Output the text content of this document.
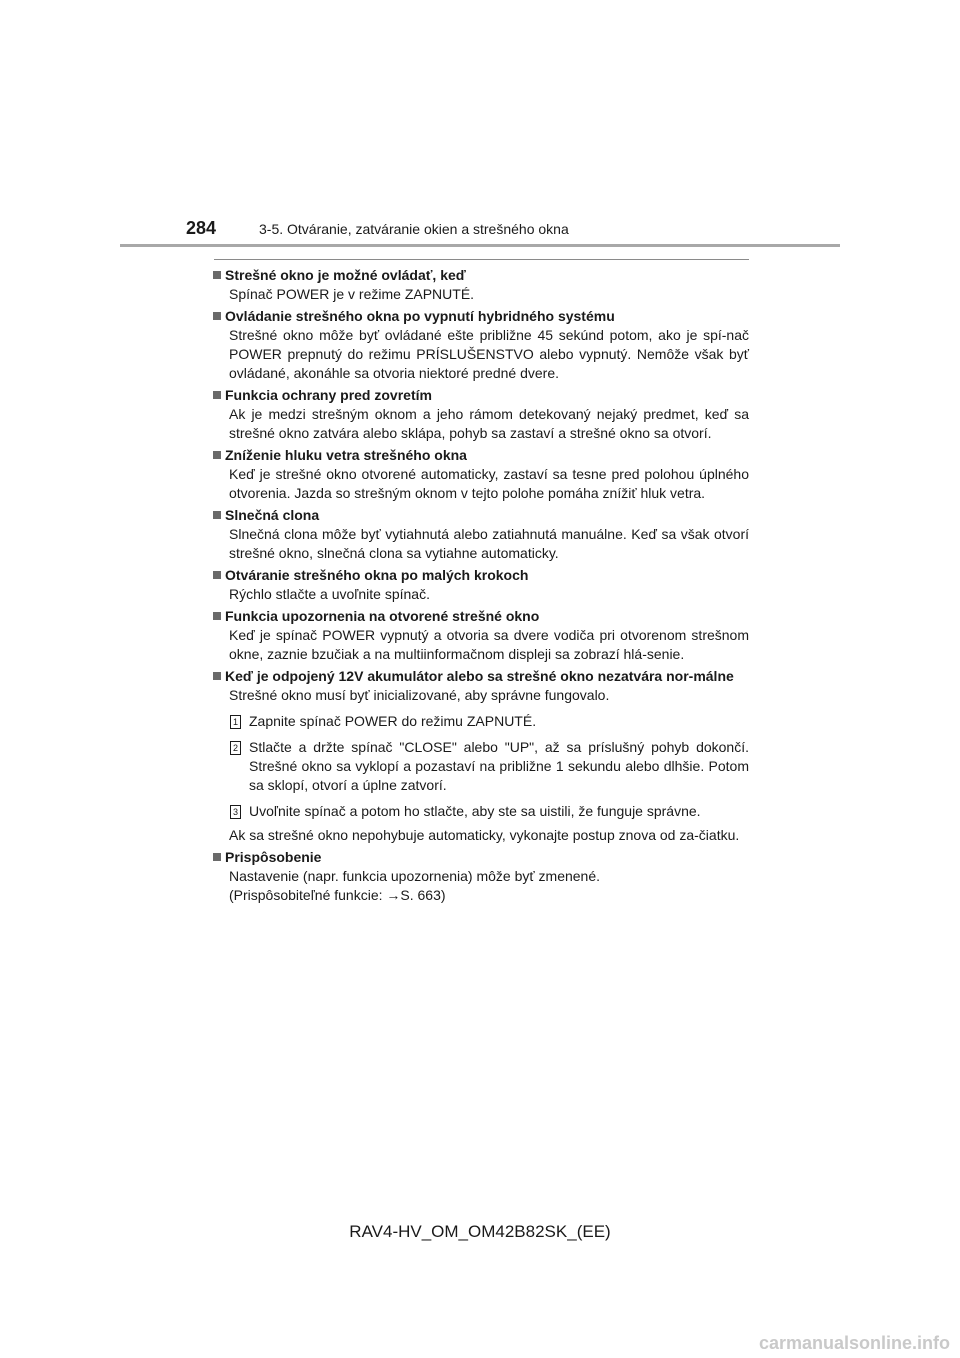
284	3-5. Otváranie, zatváranie okien a strešného okna
Strešné okno je možné ovládať, keď
Spínač POWER je v režime ZAPNUTÉ.
Ovládanie strešného okna po vypnutí hybridného systému
Strešné okno môže byť ovládané ešte približne 45 sekúnd potom, ako je spí-nač POWER prepnutý do režimu PRÍSLUŠENSTVO alebo vypnutý. Nemôže však byť ovládané, akonáhle sa otvoria niektoré predné dvere.
Funkcia ochrany pred zovretím
Ak je medzi strešným oknom a jeho rámom detekovaný nejaký predmet, keď sa strešné okno zatvára alebo sklápa, pohyb sa zastaví a strešné okno sa otvorí.
Zníženie hluku vetra strešného okna
Keď je strešné okno otvorené automaticky, zastaví sa tesne pred polohou úplného otvorenia. Jazda so strešným oknom v tejto polohe pomáha znížiť hluk vetra.
Slnečná clona
Slnečná clona môže byť vytiahnutá alebo zatiahnutá manuálne. Keď sa však otvorí strešné okno, slnečná clona sa vytiahne automaticky.
Otváranie strešného okna po malých krokoch
Rýchlo stlačte a uvoľnite spínač.
Funkcia upozornenia na otvorené strešné okno
Keď je spínač POWER vypnutý a otvoria sa dvere vodiča pri otvorenom strešnom okne, zaznie bzučiak a na multiinformačnom displeji sa zobrazí hlá-senie.
Keď je odpojený 12V akumulátor alebo sa strešné okno nezatvára nor-málne
Strešné okno musí byť inicializované, aby správne fungovalo.
1 Zapnite spínač POWER do režimu ZAPNUTÉ.
2 Stlačte a držte spínač "CLOSE" alebo "UP", až sa príslušný pohyb dokončí. Strešné okno sa vyklopí a pozastaví na približne 1 sekundu alebo dlhšie. Potom sa sklopí, otvorí a úplne zatvorí.
3 Uvoľnite spínač a potom ho stlačte, aby ste sa uistili, že funguje správne.
Ak sa strešné okno nepohybuje automaticky, vykonajte postup znova od za-čiatku.
Prispôsobenie
Nastavenie (napr. funkcia upozornenia) môže byť zmenené.
(Prispôsobiteľné funkcie: →S. 663)
RAV4-HV_OM_OM42B82SK_(EE)
carmanualsonline.info
